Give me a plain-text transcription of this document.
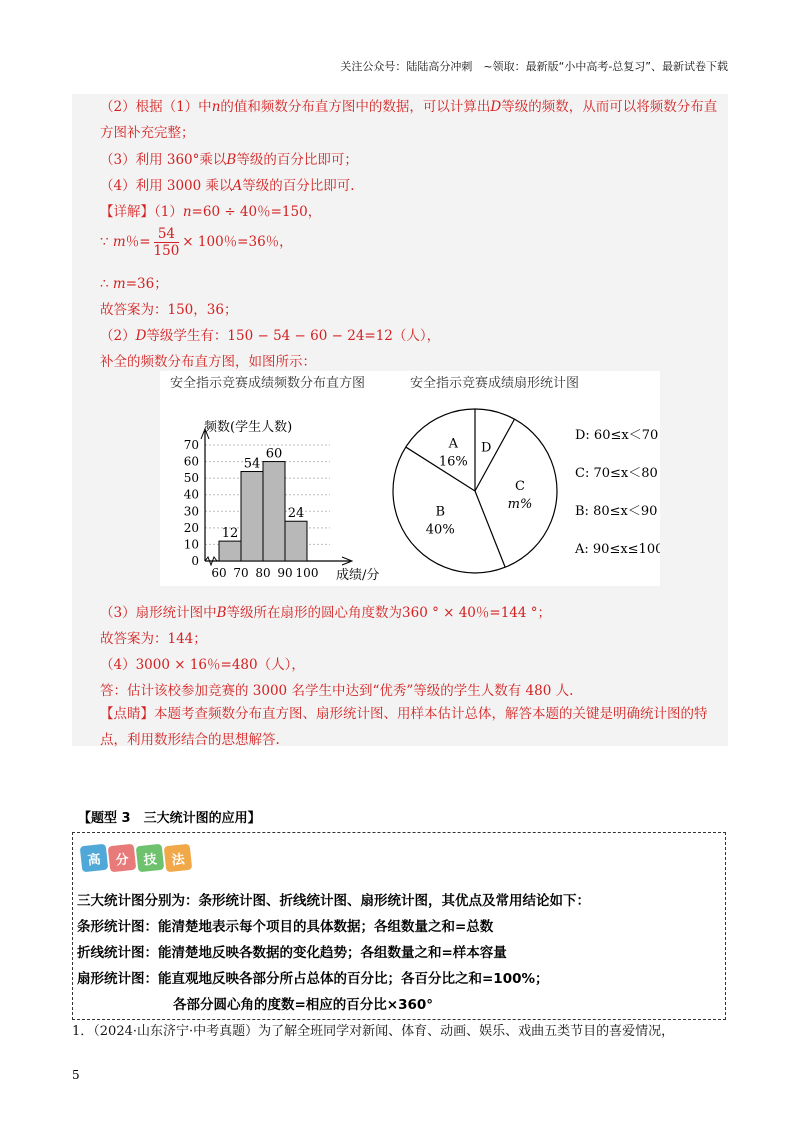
关注公众号：陆陆高分冲刺　~领取：最新版“小中高考-总复习”、最新试卷下载
（2）根据（1）中n的值和频数分布直方图中的数据，可以计算出D等级的频数，从而可以将频数分布直方图补充完整；
（3）利用 360°乘以B等级的百分比即可；
（4）利用 3000 乘以A等级的百分比即可.
【详解】（1）n=60 ÷ 40％=150，
∵ m％= $\frac{54}{150} \times 100$％=36％，
∴ m=36；
故答案为：150，36；
（2）D等级学生有：150 − 54 − 60 − 24=12（人），
补全的频数分布直方图，如图所示：
安全指示竞赛成绩频数分布直方图
0
10
20
30
40
50
60
70
频数(学生人数)
12
54
60
24
60 70 80 90 100 成绩/分
安全指示竞赛成绩扇形统计图
A
16%
D
C
m%
B
40%
D: 60≤x＜70
C: 70≤x＜80
B: 80≤x＜90
A: 90≤x≤100
（3）扇形统计图中B等级所在扇形的圆心角度数为360 ° × 40％=144 °；
故答案为：144；
（4）3000 × 16％=480（人），
答：估计该校参加竞赛的 3000 名学生中达到“优秀”等级的学生人数有 480 人.
【点睛】本题考查频数分布直方图、扇形统计图、用样本估计总体，解答本题的关键是明确统计图的特点，利用数形结合的思想解答.
【题型 3　三大统计图的应用】
高	分	技	法
三大统计图分别为：条形统计图、折线统计图、扇形统计图，其优点及常用结论如下：
条形统计图：能清楚地表示每个项目的具体数据；各组数量之和=总数
折线统计图：能清楚地反映各数据的变化趋势；各组数量之和=样本容量
扇形统计图：能直观地反映各部分所占总体的百分比；各百分比之和=100%；
各部分圆心角的度数=相应的百分比×360°
1．（2024·山东济宁·中考真题）为了解全班同学对新闻、体育、动画、娱乐、戏曲五类节目的喜爱情况，
5
